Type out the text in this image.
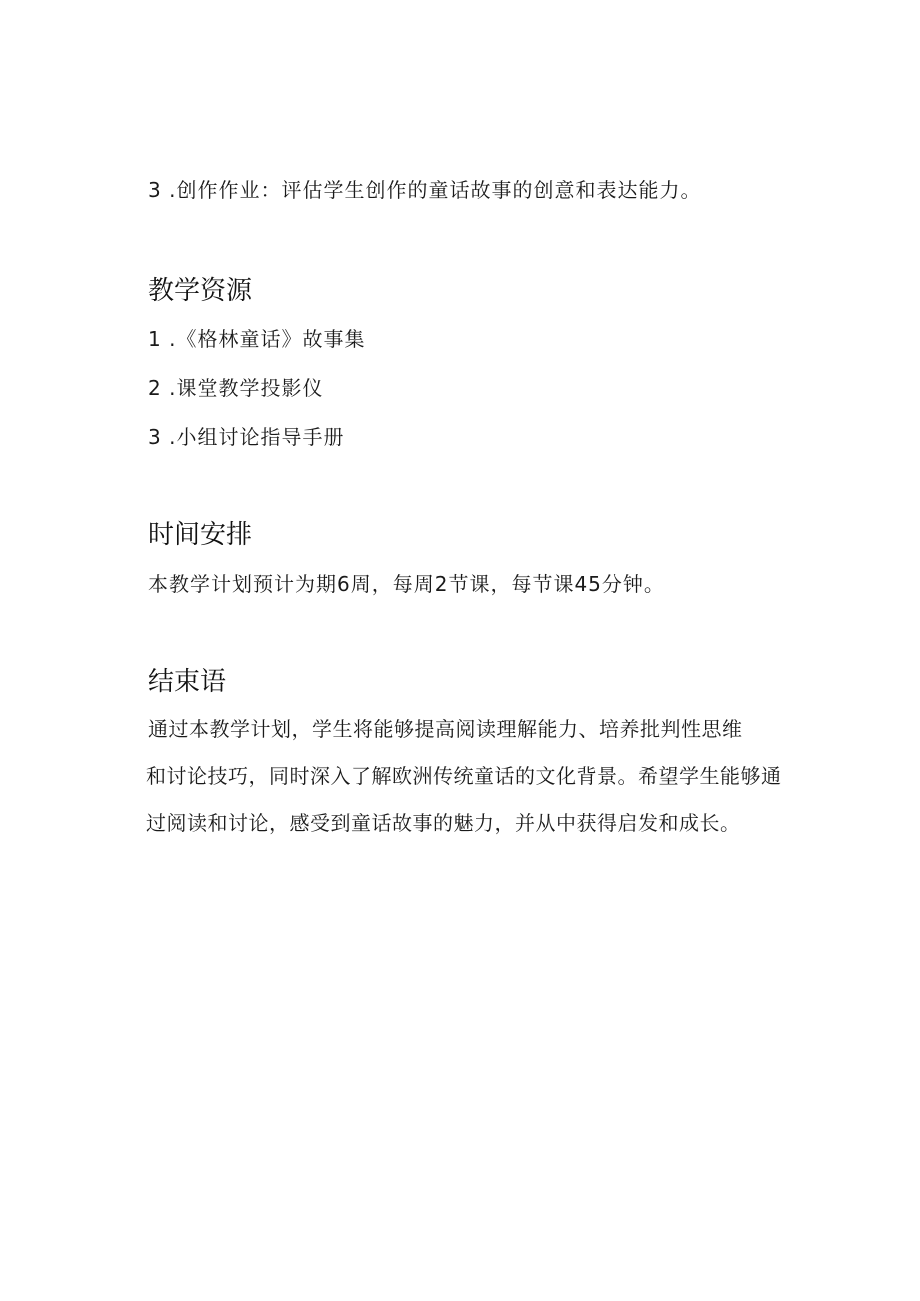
3 .创作作业：评估学生创作的童话故事的创意和表达能力。
教学资源
1 .《格林童话》故事集
2 .课堂教学投影仪
3 .小组讨论指导手册
时间安排
本教学计划预计为期6周，每周2节课，每节课45分钟。
结束语
通过本教学计划，学生将能够提高阅读理解能力、培养批判性思维
和讨论技巧，同时深入了解欧洲传统童话的文化背景。希望学生能够通
过阅读和讨论，感受到童话故事的魅力，并从中获得启发和成长。
